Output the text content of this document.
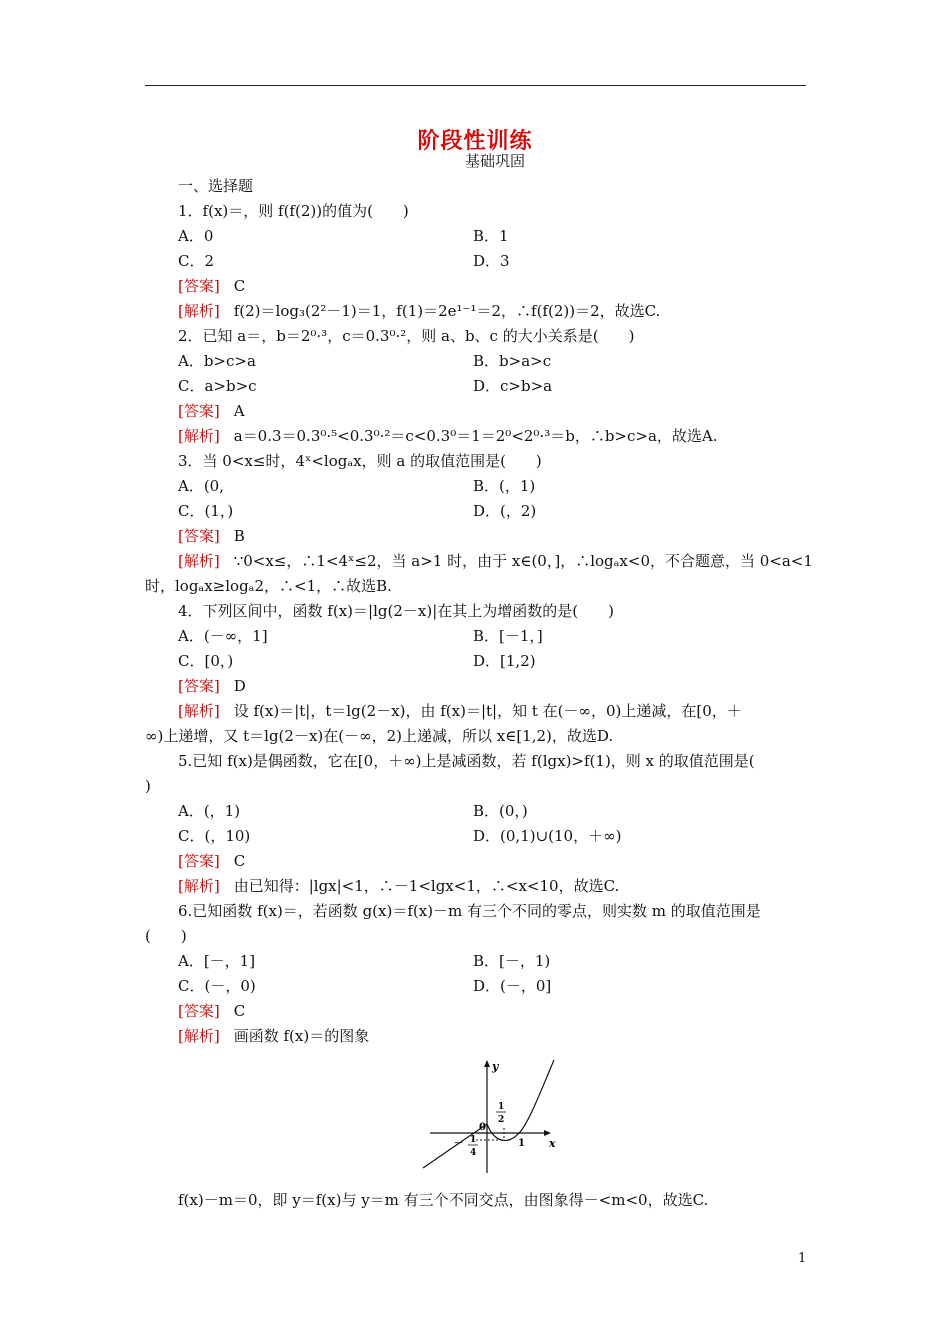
阶段性训练
基础巩固
一、选择题
1．f(x)＝，则 f(f(2))的值为(　　)
A．0	B．1
C．2	D．3
[答案] C
[解析] f(2)＝log₃(2²－1)＝1，f(1)＝2e¹⁻¹＝2，∴f(f(2))＝2，故选C.
2．已知 a＝，b＝2⁰·³，c＝0.3⁰·²，则 a、b、c 的大小关系是(　　)
A．b>c>a	B．b>a>c
C．a>b>c	D．c>b>a
[答案] A
[解析] a＝0.3＝0.3⁰·⁵<0.3⁰·²＝c<0.3⁰＝1＝2⁰<2⁰·³＝b，∴b>c>a，故选A.
3．当 0<x≤时，4ˣ<logₐx，则 a 的取值范围是(　　)
A．(0,	B．(，1)
C．(1，)	D．(，2)
[答案] B
[解析] ∵0<x≤，∴1<4ˣ≤2，当 a>1 时，由于 x∈(0，]，∴logₐx<0，不合题意，当 0<a<1
时，logₐx≥logₐ2，∴<1，∴故选B.
4．下列区间中，函数 f(x)＝|lg(2－x)|在其上为增函数的是(　　)
A．(－∞，1]	B．[－1，]
C．[0，)	D．[1,2)
[答案] D
[解析] 设 f(x)＝|t|，t＝lg(2－x)，由 f(x)＝|t|，知 t 在(－∞，0)上递减，在[0，＋
∞)上递增，又 t＝lg(2－x)在(－∞，2)上递减，所以 x∈[1,2)，故选D.
5.已知 f(x)是偶函数，它在[0，＋∞)上是减函数，若 f(lgx)>f(1)，则 x 的取值范围是(
)
A．(，1)	B．(0，)
C．(，10)	D．(0,1)∪(10，＋∞)
[答案] C
[解析] 由已知得：|lgx|<1，∴－1<lgx<1，∴<x<10，故选C.
6.已知函数 f(x)＝，若函数 g(x)＝f(x)－m 有三个不同的零点，则实数 m 的取值范围是
(　　)
A．[－，1]	B．[－，1)
C．(－，0)	D．(－，0]
[答案] C
[解析] 画函数 f(x)＝的图象
f(x)－m＝0，即 y＝f(x)与 y＝m 有三个不同交点，由图象得－<m<0，故选C.
y
x
0
1
1
2
－ 1
4
1
